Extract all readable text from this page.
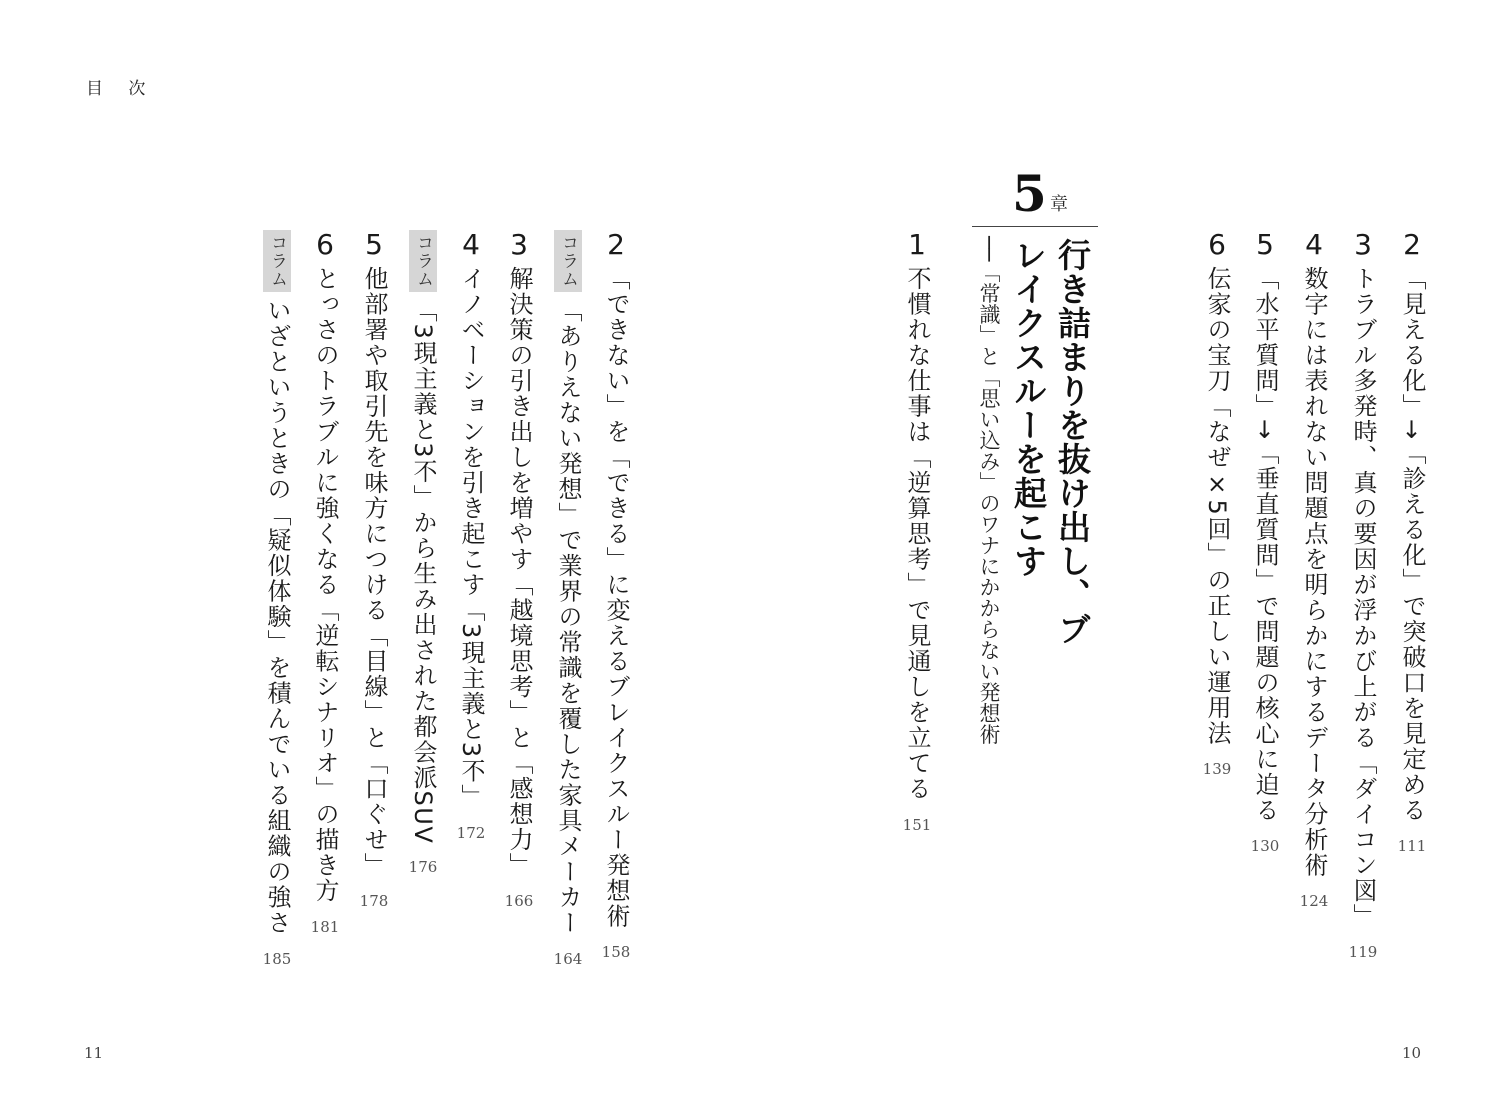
目 次
5 章
行き詰まりを抜け出し、ブレイクスルーを起こす
──「常識」と「思い込み」のワナにかからない発想術	2
「見える化」→「診える化」で突破口を見定める
111
3
トラブル多発時、真の要因が浮かび上がる「ダイコン図」
119
4
数字には表れない問題点を明らかにするデータ分析術
124
5
「水平質問」→「垂直質問」で問題の核心に迫る
130
6
伝家の宝刀「なぜ×5回」の正しい運用法
139
1
不慣れな仕事は「逆算思考」で見通しを立てる
151
2
「できない」を「できる」に変えるブレイクスルー発想術
158
コラム
「ありえない発想」で業界の常識を覆した家具メーカー
164
3
解決策の引き出しを増やす「越境思考」と「感想力」
166
4
イノベーションを引き起こす「3現主義と3不」
172
コラム
「3現主義と3不」から生み出された都会派SUV
176
5
他部署や取引先を味方につける「目線」と「口ぐせ」
178
6
とっさのトラブルに強くなる「逆転シナリオ」の描き方
181
コラム
いざというときの「疑似体験」を積んでいる組織の強さ
185
11	10
